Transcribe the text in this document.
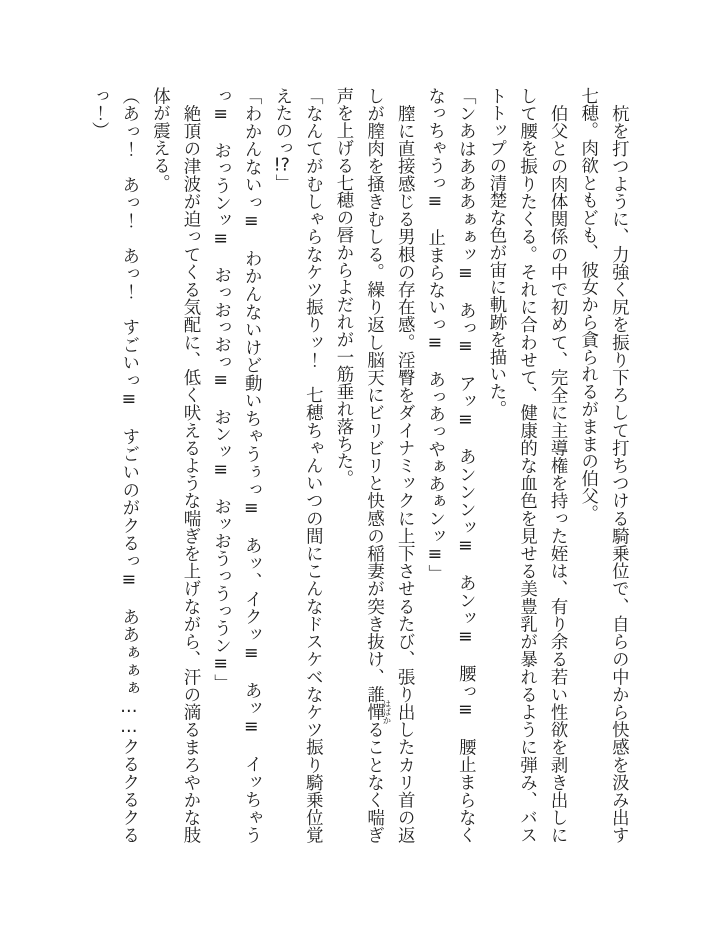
　杭を打つように、力強く尻を振り下ろして打ちつける騎乗位で、自らの中から快感を汲み出す
七穂。肉欲ともども、彼女から貪られるがままの伯父。
　伯父との肉体関係の中で初めて、完全に主導権を持った姪は、有り余る若い性欲を剥き出しに
して腰を振りたくる。それに合わせて、健康的な血色を見せる美豊乳が暴れるように弾み、バス
トトップの清楚な色が宙に軌跡を描いた。
「ンあはあああぁぁッ≡　あっ≡　アッ≡　あンンンッ≡　あンッ≡　腰っ≡　腰止まらなく
なっちゃうっ≡　止まらないっ≡　あっあっやぁあぁンッ≡」
　膣に直接感じる男根の存在感。淫臀をダイナミックに上下させるたび、張り出したカリ首の返
しが膣肉を掻きむしる。繰り返し脳天にビリビリと快感の稲妻が突き抜け、誰憚
はばか
ることなく喘ぎ
声を上げる七穂の唇からよだれが一筋垂れ落ちた。
「なんてがむしゃらなケツ振りッ！　七穂ちゃんいつの間にこんなドスケベなケツ振り騎乗位覚
えたのっ!?」
「わかんないっ≡　わかんないけど動いちゃうぅっ≡　あッ、イクッ≡　あッ≡　イッちゃう
っ≡　おっうンッ≡　おっおっおっ≡　おンッ≡　おッおうっうっうン≡」
　絶頂の津波が迫ってくる気配に、低く吠えるような喘ぎを上げながら、汗の滴るまろやかな肢
体が震える。
（あっ！　あっ！　あっ！　すごいっ≡　すごいのがクるっ≡　ああぁぁぁ……クるクるクる
っ！）
